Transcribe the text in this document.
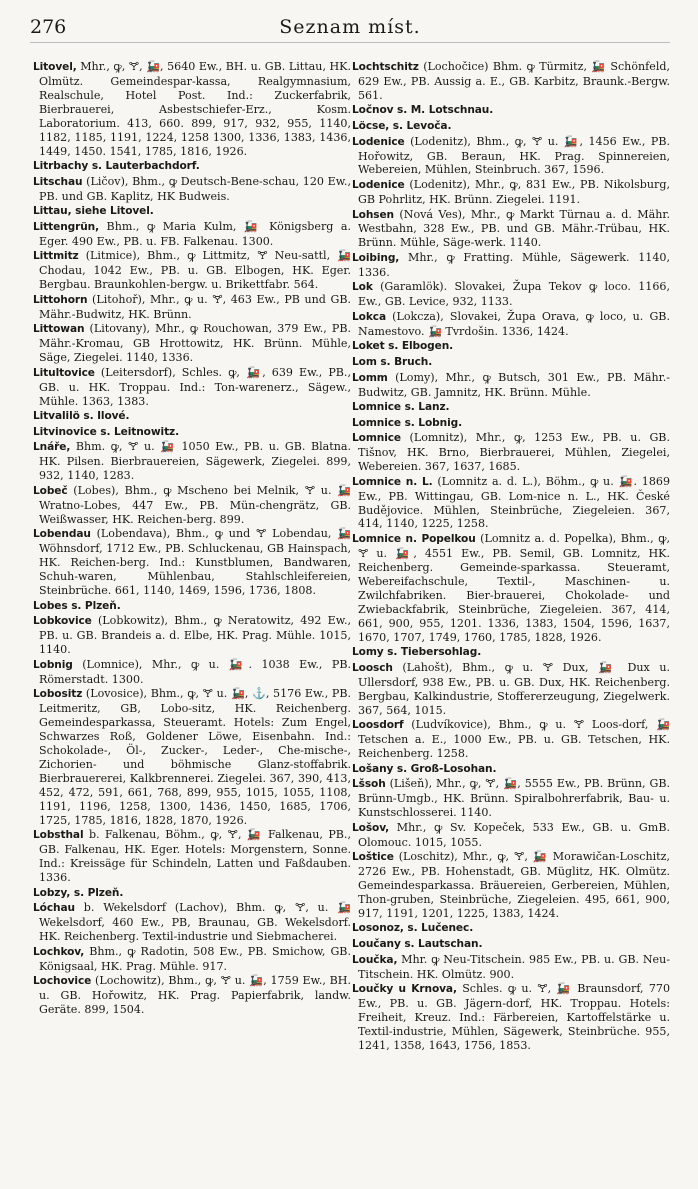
276	Seznam míst.

Litovel, Mhr., ꝙ, 🝖, 🚂, 5640 Ew., BH. u. GB. Littau, HK. Olmütz. Gemeindespar-kassa, Realgymnasium, Realschule, Hotel Post. Ind.: Zuckerfabrik, Bierbrauerei, Asbestschiefer-Erz., Kosm. Laboratorium. 413, 660. 899, 917, 932, 955, 1140, 1182, 1185, 1191, 1224, 1258 1300, 1336, 1383, 1436, 1449, 1450. 1541, 1785, 1816, 1926.

Litrbachy s. Lauterbachdorf.

Litschau (Ličov), Bhm., ꝙ Deutsch-Bene-schau, 120 Ew., PB. und GB. Kaplitz, HK Budweis.

Littau, siehe Litovel.

Littengrün, Bhm., ꝙ Maria Kulm, 🚂 Königsberg a. Eger. 490 Ew., PB. u. FB. Falkenau. 1300.

Littmitz (Litmice), Bhm., ꝙ Littmitz, 🝖 Neu-sattl, 🚂 Chodau, 1042 Ew., PB. u. GB. Elbogen, HK. Eger. Bergbau. Braunkohlen-bergw. u. Brikettfabr. 564.

Littohorn (Litohoř), Mhr., ꝙ u. 🝖, 463 Ew., PB und GB. Mähr.-Budwitz, HK. Brünn.

Littowan (Litovany), Mhr., ꝙ Rouchowan, 379 Ew., PB. Mähr.-Kromau, GB Hrottowitz, HK. Brünn. Mühle, Säge, Ziegelei. 1140, 1336.

Litultovice (Leitersdorf), Schles. ꝙ, 🚂, 639 Ew., PB., GB. u. HK. Troppau. Ind.: Ton-warenerz., Sägew., Mühle. 1363, 1383.

Litvalilö s. Ilové.

Litvinovice s. Leitnowitz.

Lnáře, Bhm. ꝙ, 🝖 u. 🚂 1050 Ew., PB. u. GB. Blatna. HK. Pilsen. Bierbrauereien, Sägewerk, Ziegelei. 899, 932, 1140, 1283.

Lobeč (Lobes), Bhm., ꝙ Mscheno bei Melnik, 🝖 u. 🚂 Wratno-Lobes, 447 Ew., PB. Mün-chengrätz, GB. Weißwasser, HK. Reichen-berg. 899.

Lobendau (Lobendava), Bhm., ꝙ und 🝖 Lobendau, 🚂 Wöhnsdorf, 1712 Ew., PB. Schluckenau, GB Hainspach, HK. Reichen-berg. Ind.: Kunstblumen, Bandwaren, Schuh-waren, Mühlenbau, Stahlschleifereien, Steinbrüche. 661, 1140, 1469, 1596, 1736, 1808.

Lobes s. Plzeň.

Lobkovice (Lobkowitz), Bhm., ꝙ Neratowitz, 492 Ew., PB. u. GB. Brandeis a. d. Elbe, HK. Prag. Mühle. 1015, 1140.

Lobnig (Lomnice), Mhr., ꝙ u. 🚂. 1038 Ew., PB. Römerstadt. 1300.

Lobositz (Lovosice), Bhm., ꝙ, 🝖 u. 🚂, ⚓, 5176 Ew., PB. Leitmeritz, GB, Lobo-sitz, HK. Reichenberg. Gemeindesparkassa, Steueramt. Hotels: Zum Engel, Schwarzes Roß, Goldener Löwe, Eisenbahn. Ind.: Schokolade-, Öl-, Zucker-, Leder-, Che-mische-, Zichorien- und böhmische Glanz-stoffabrik. Bierbrauererei, Kalkbrennerei. Ziegelei. 367, 390, 413, 452, 472, 591, 661, 768, 899, 955, 1015, 1055, 1108, 1191, 1196, 1258, 1300, 1436, 1450, 1685, 1706, 1725, 1785, 1816, 1828, 1870, 1926.

Lobsthal b. Falkenau, Böhm., ꝙ, 🝖, 🚂 Falkenau, PB., GB. Falkenau, HK. Eger. Hotels: Morgenstern, Sonne. Ind.: Kreissäge für Schindeln, Latten und Faßdauben. 1336.

Lobzy, s. Plzeň.

Lóchau b. Wekelsdorf (Lachov), Bhm. ꝙ, 🝖, u. 🚂 Wekelsdorf, 460 Ew., PB, Braunau, GB. Wekelsdorf. HK. Reichenberg. Textil-industrie und Siebmacherei.

Lochkov, Bhm., ꝙ Radotin, 508 Ew., PB. Smichow, GB. Königsaal, HK. Prag. Mühle. 917.

Lochovice (Lochowitz), Bhm., ꝙ, 🝖 u. 🚂, 1759 Ew., BH. u. GB. Hořowitz, HK. Prag. Papierfabrik, landw. Geräte. 899, 1504.

Lochtschitz (Lochočice) Bhm. ꝙ Türmitz, 🚂 Schönfeld, 629 Ew., PB. Aussig a. E., GB. Karbitz, Braunk.-Bergw. 561.

Ločnov s. M. Lotschnau.

Löcse, s. Levoča.

Lodenice (Lodenitz), Bhm., ꝙ, 🝖 u. 🚂, 1456 Ew., PB. Hořowitz, GB. Beraun, HK. Prag. Spinnereien, Webereien, Mühlen, Steinbruch. 367, 1596.

Lodenice (Lodenitz), Mhr., ꝙ, 831 Ew., PB. Nikolsburg, GB Pohrlitz, HK. Brünn. Ziegelei. 1191.

Lohsen (Nová Ves), Mhr., ꝙ Markt Türnau a. d. Mähr. Westbahn, 328 Ew., PB. und GB. Mähr.-Trübau, HK. Brünn. Mühle, Säge-werk. 1140.

Loibing, Mhr., ꝙ Fratting. Mühle, Sägewerk. 1140, 1336.

Lok (Garamlök). Slovakei, Župa Tekov ꝙ loco. 1166, Ew., GB. Levice, 932, 1133.

Lokca (Lokcza), Slovakei, Župa Orava, ꝙ loco, u. GB. Namestovo. 🚂 Tvrdošin. 1336, 1424.

Loket s. Elbogen.

Lom s. Bruch.

Lomm (Lomy), Mhr., ꝙ Butsch, 301 Ew., PB. Mähr.-Budwitz, GB. Jamnitz, HK. Brünn. Mühle.

Lomnice s. Lanz.

Lomnice s. Lobnig.

Lomnice (Lomnitz), Mhr., ꝙ, 1253 Ew., PB. u. GB. Tišnov, HK. Brno, Bierbrauerei, Mühlen, Ziegelei, Webereien. 367, 1637, 1685.

Lomnice n. L. (Lomnitz a. d. L.), Böhm., ꝙ u. 🚂. 1869 Ew., PB. Wittingau, GB. Lom-nice n. L., HK. České Budějovice. Mühlen, Steinbrüche, Ziegeleien. 367, 414, 1140, 1225, 1258.

Lomnice n. Popelkou (Lomnitz a. d. Popelka), Bhm., ꝙ, 🝖 u. 🚂, 4551 Ew., PB. Semil, GB. Lomnitz, HK. Reichenberg. Gemeinde-sparkassa. Steueramt, Webereifachschule, Textil-, Maschinen- u. Zwilchfabriken. Bier-brauerei, Chokolade- und Zwiebackfabrik, Steinbrüche, Ziegeleien. 367, 414, 661, 900, 955, 1201. 1336, 1383, 1504, 1596, 1637, 1670, 1707, 1749, 1760, 1785, 1828, 1926.

Lomy s. Tiebersohlag.

Loosch (Lahošt), Bhm., ꝙ u. 🝖 Dux, 🚂 Dux u. Ullersdorf, 938 Ew., PB. u. GB. Dux, HK. Reichenberg. Bergbau, Kalkindustrie, Stoffererzeugung, Ziegelwerk. 367, 564, 1015.

Loosdorf (Ludvíkovice), Bhm., ꝙ u. 🝖 Loos-dorf, 🚂 Tetschen a. E., 1000 Ew., PB. u. GB. Tetschen, HK. Reichenberg. 1258.

Lošany s. Groß-Losohan.

Lšsoh (Lišeň), Mhr., ꝙ, 🝖, 🚂, 5555 Ew., PB. Brünn, GB. Brünn-Umgb., HK. Brünn. Spiralbohrerfabrik, Bau- u. Kunstschlosserei. 1140.

Lošov, Mhr., ꝙ Sv. Kopeček, 533 Ew., GB. u. GmB. Olomouc. 1015, 1055.

Loštice (Loschitz), Mhr., ꝙ, 🝖, 🚂 Morawičan-Loschitz, 2726 Ew., PB. Hohenstadt, GB. Müglitz, HK. Olmütz. Gemeindesparkassa. Bräuereien, Gerbereien, Mühlen, Thon-gruben, Steinbrüche, Ziegeleien. 495, 661, 900, 917, 1191, 1201, 1225, 1383, 1424.

Losonoz, s. Lučenec.

Loučany s. Lautschan.

Loučka, Mhr. ꝙ Neu-Titschein. 985 Ew., PB. u. GB. Neu-Titschein. HK. Olmütz. 900.

Loučky u Krnova, Schles. ꝙ u. 🝖, 🚂 Braunsdorf, 770 Ew., PB. u. GB. Jägern-dorf, HK. Troppau. Hotels: Freiheit, Kreuz. Ind.: Färbereien, Kartoffelstärke u. Textil-industrie, Mühlen, Sägewerk, Steinbrüche. 955, 1241, 1358, 1643, 1756, 1853.
